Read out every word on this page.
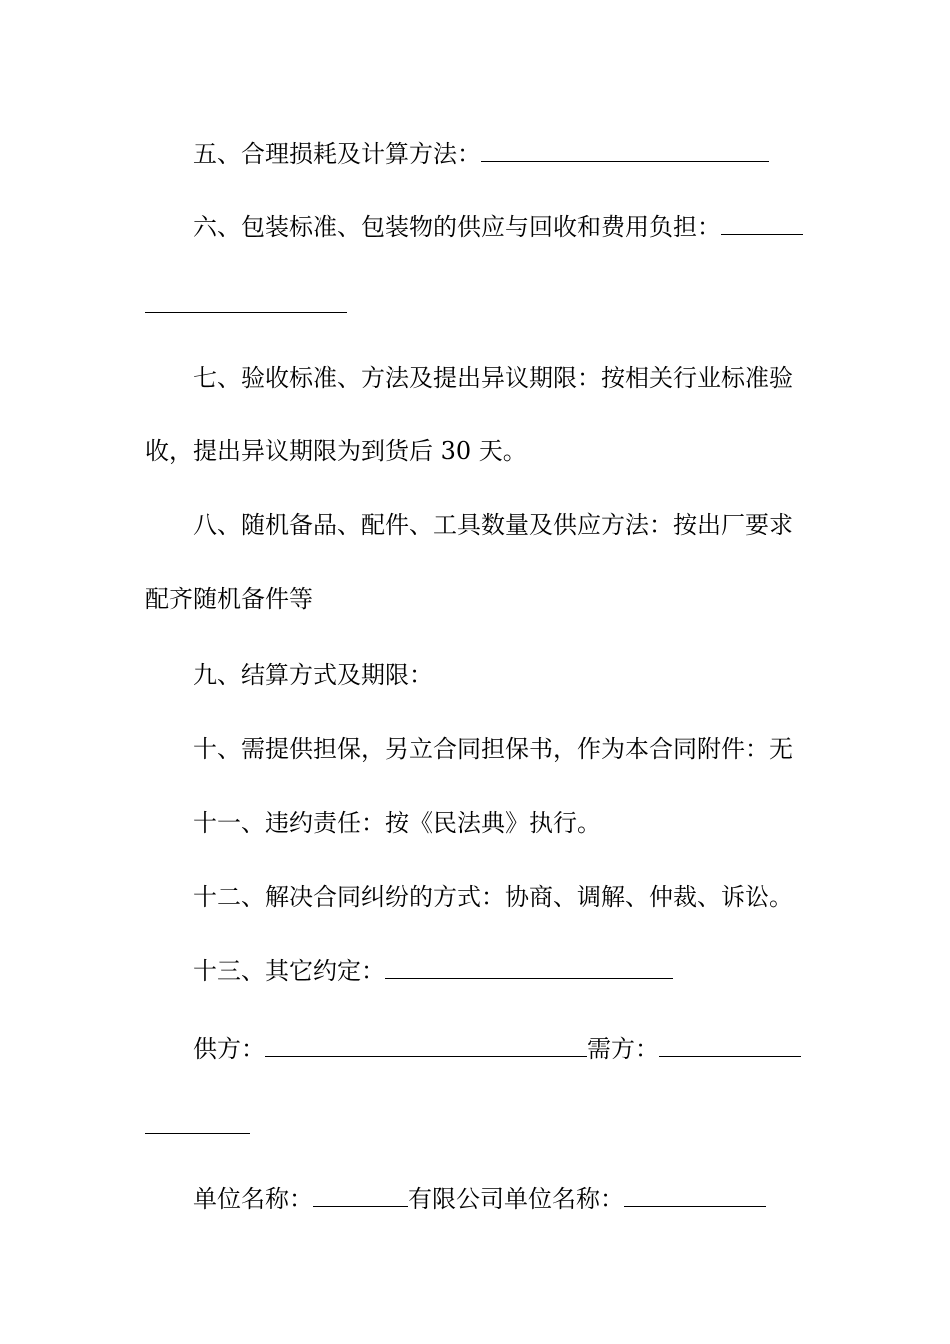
五、合理损耗及计算方法：
六、包装标准、包装物的供应与回收和费用负担：
七、验收标准、方法及提出异议期限：按相关行业标准验
收，提出异议期限为到货后 30 天。
八、随机备品、配件、工具数量及供应方法：按出厂要求
配齐随机备件等
九、结算方式及期限：
十、需提供担保，另立合同担保书，作为本合同附件：无
十一、违约责任：按《民法典》执行。
十二、解决合同纠纷的方式：协商、调解、仲裁、诉讼。
十三、其它约定：
供方：	需方：
单位名称：	有限公司单位名称：
